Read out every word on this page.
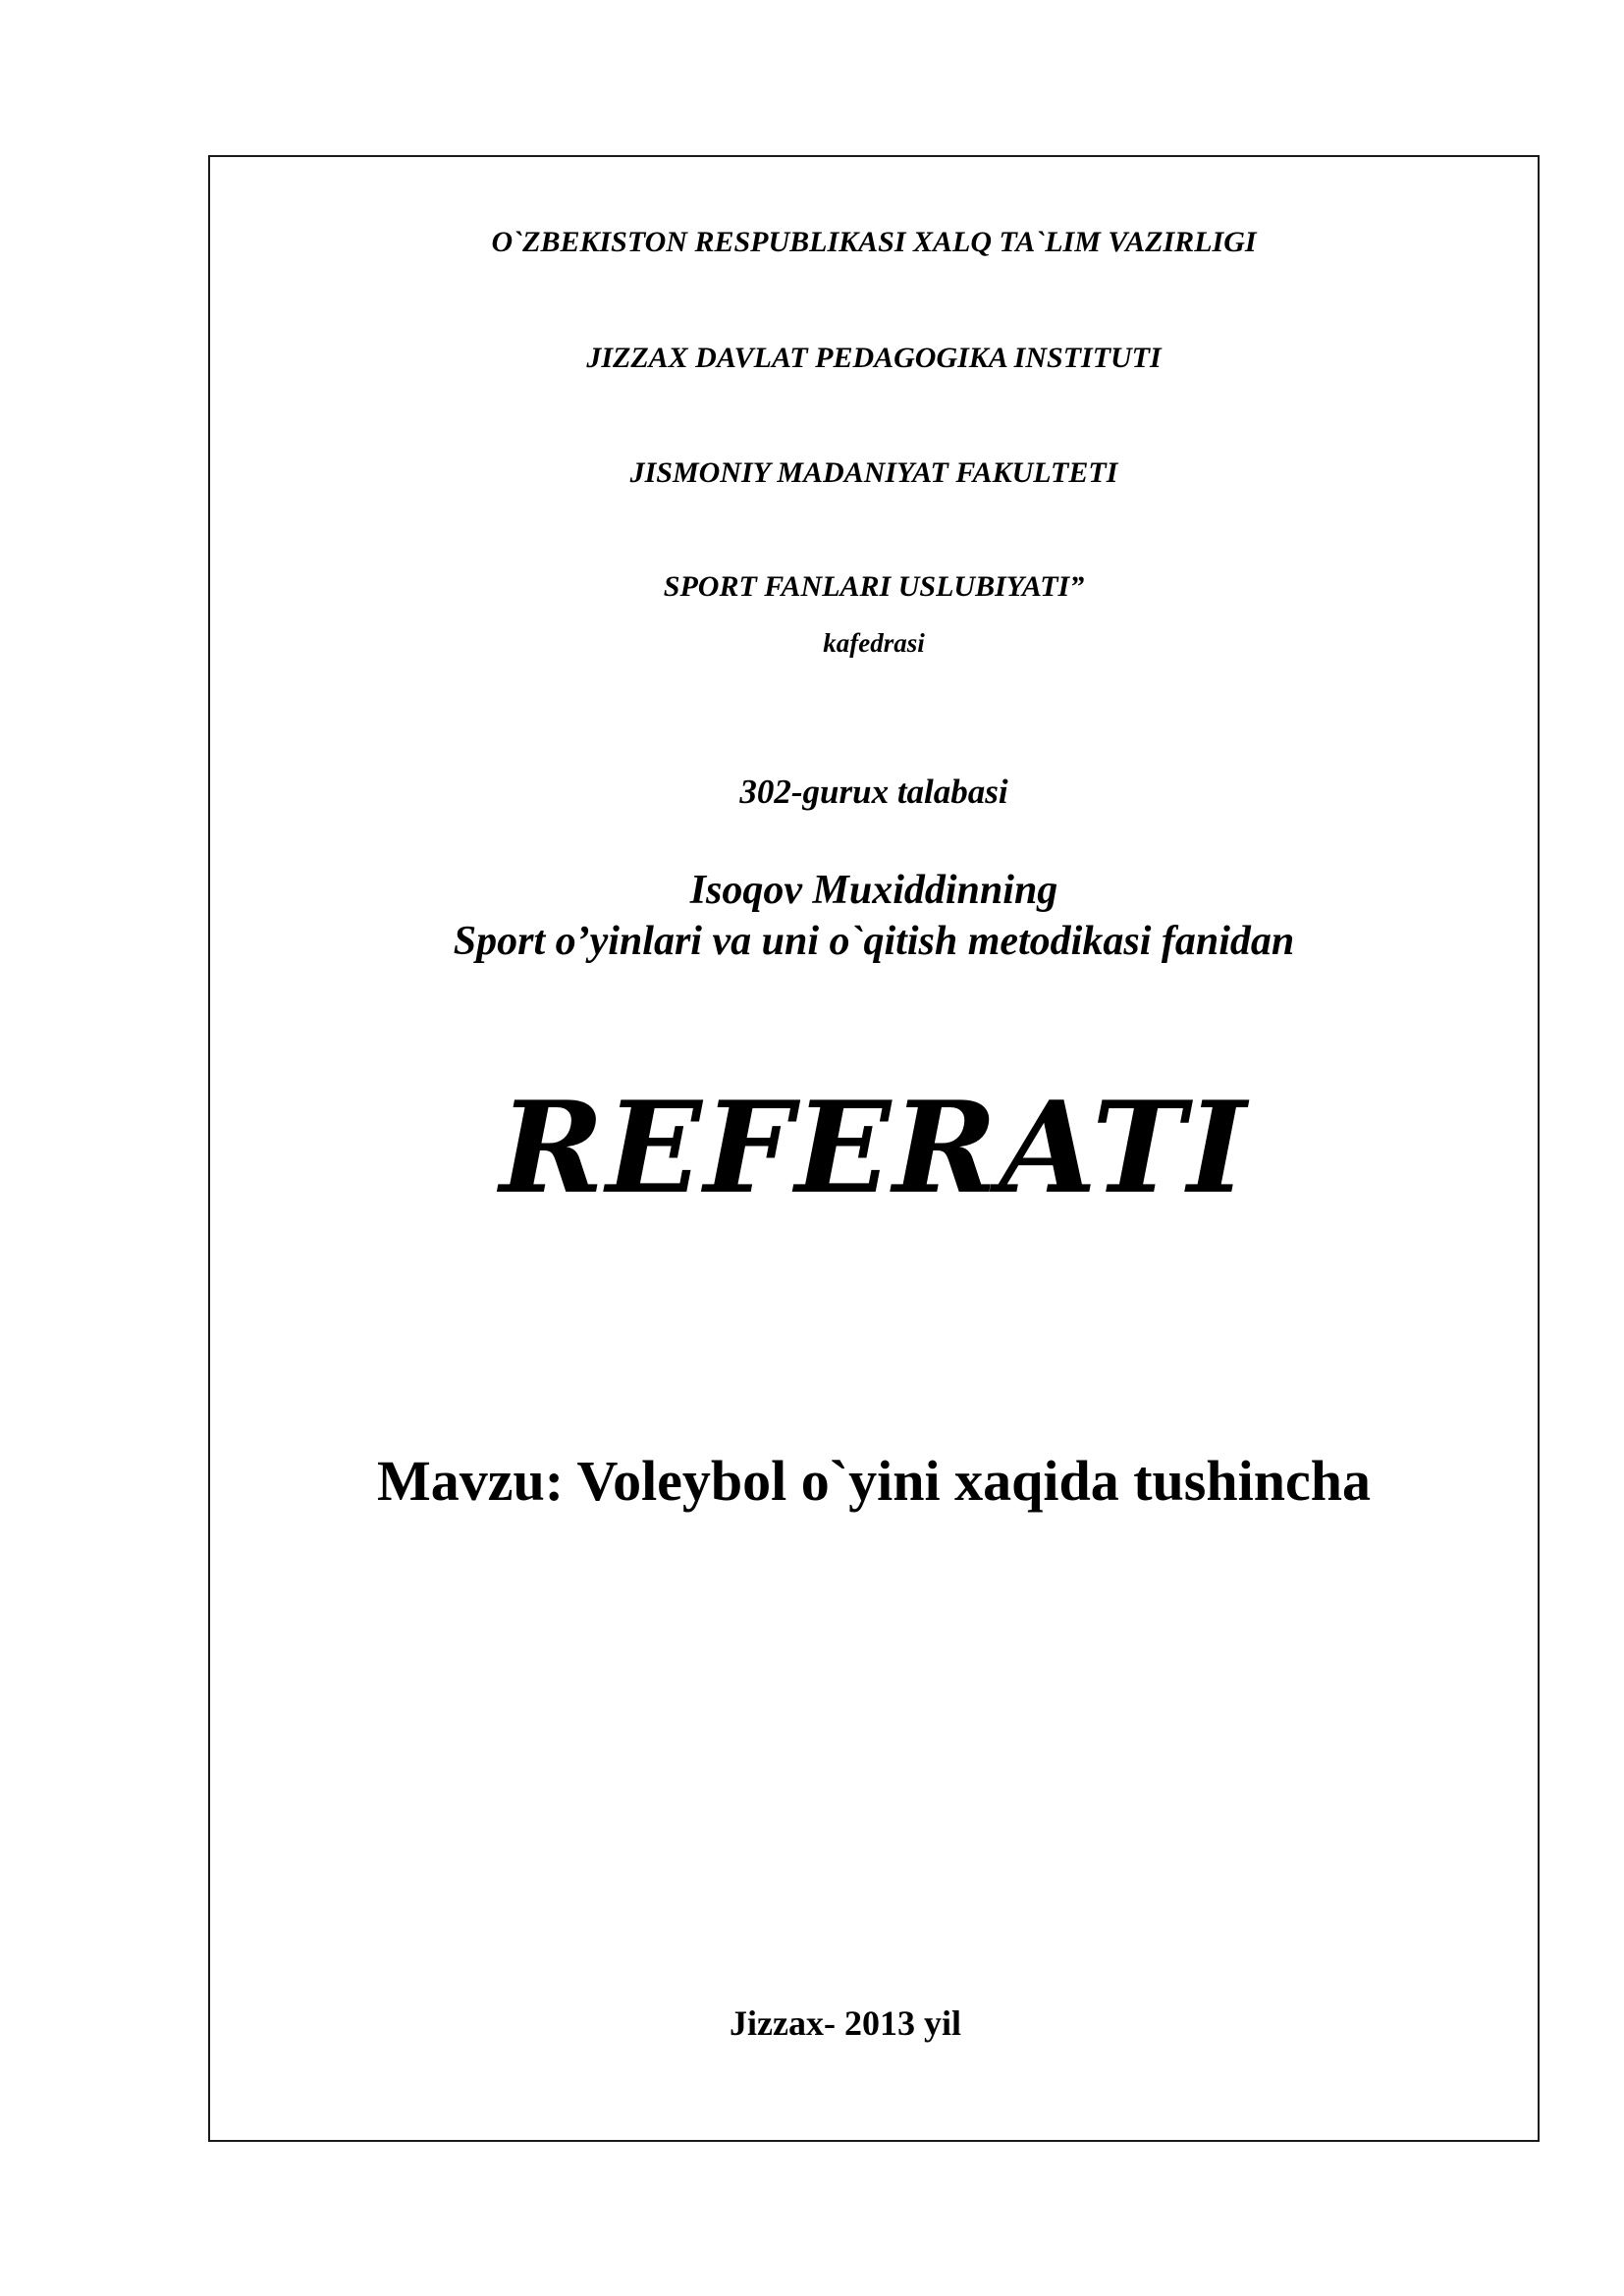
O`ZBEKISTON RESPUBLIKASI XALQ TA`LIM VAZIRLIGI
JIZZAX DAVLAT PEDAGOGIKA INSTITUTI
JISMONIY MADANIYAT FAKULTETI
SPORT FANLARI USLUBIYATI”
kafedrasi
302-gurux talabasi
Isoqov Muxiddinning
Sport o’yinlari va uni o`qitish metodikasi fanidan
REFERATI
Mavzu: Voleybol o`yini xaqida tushincha
Jizzax- 2013 yil
